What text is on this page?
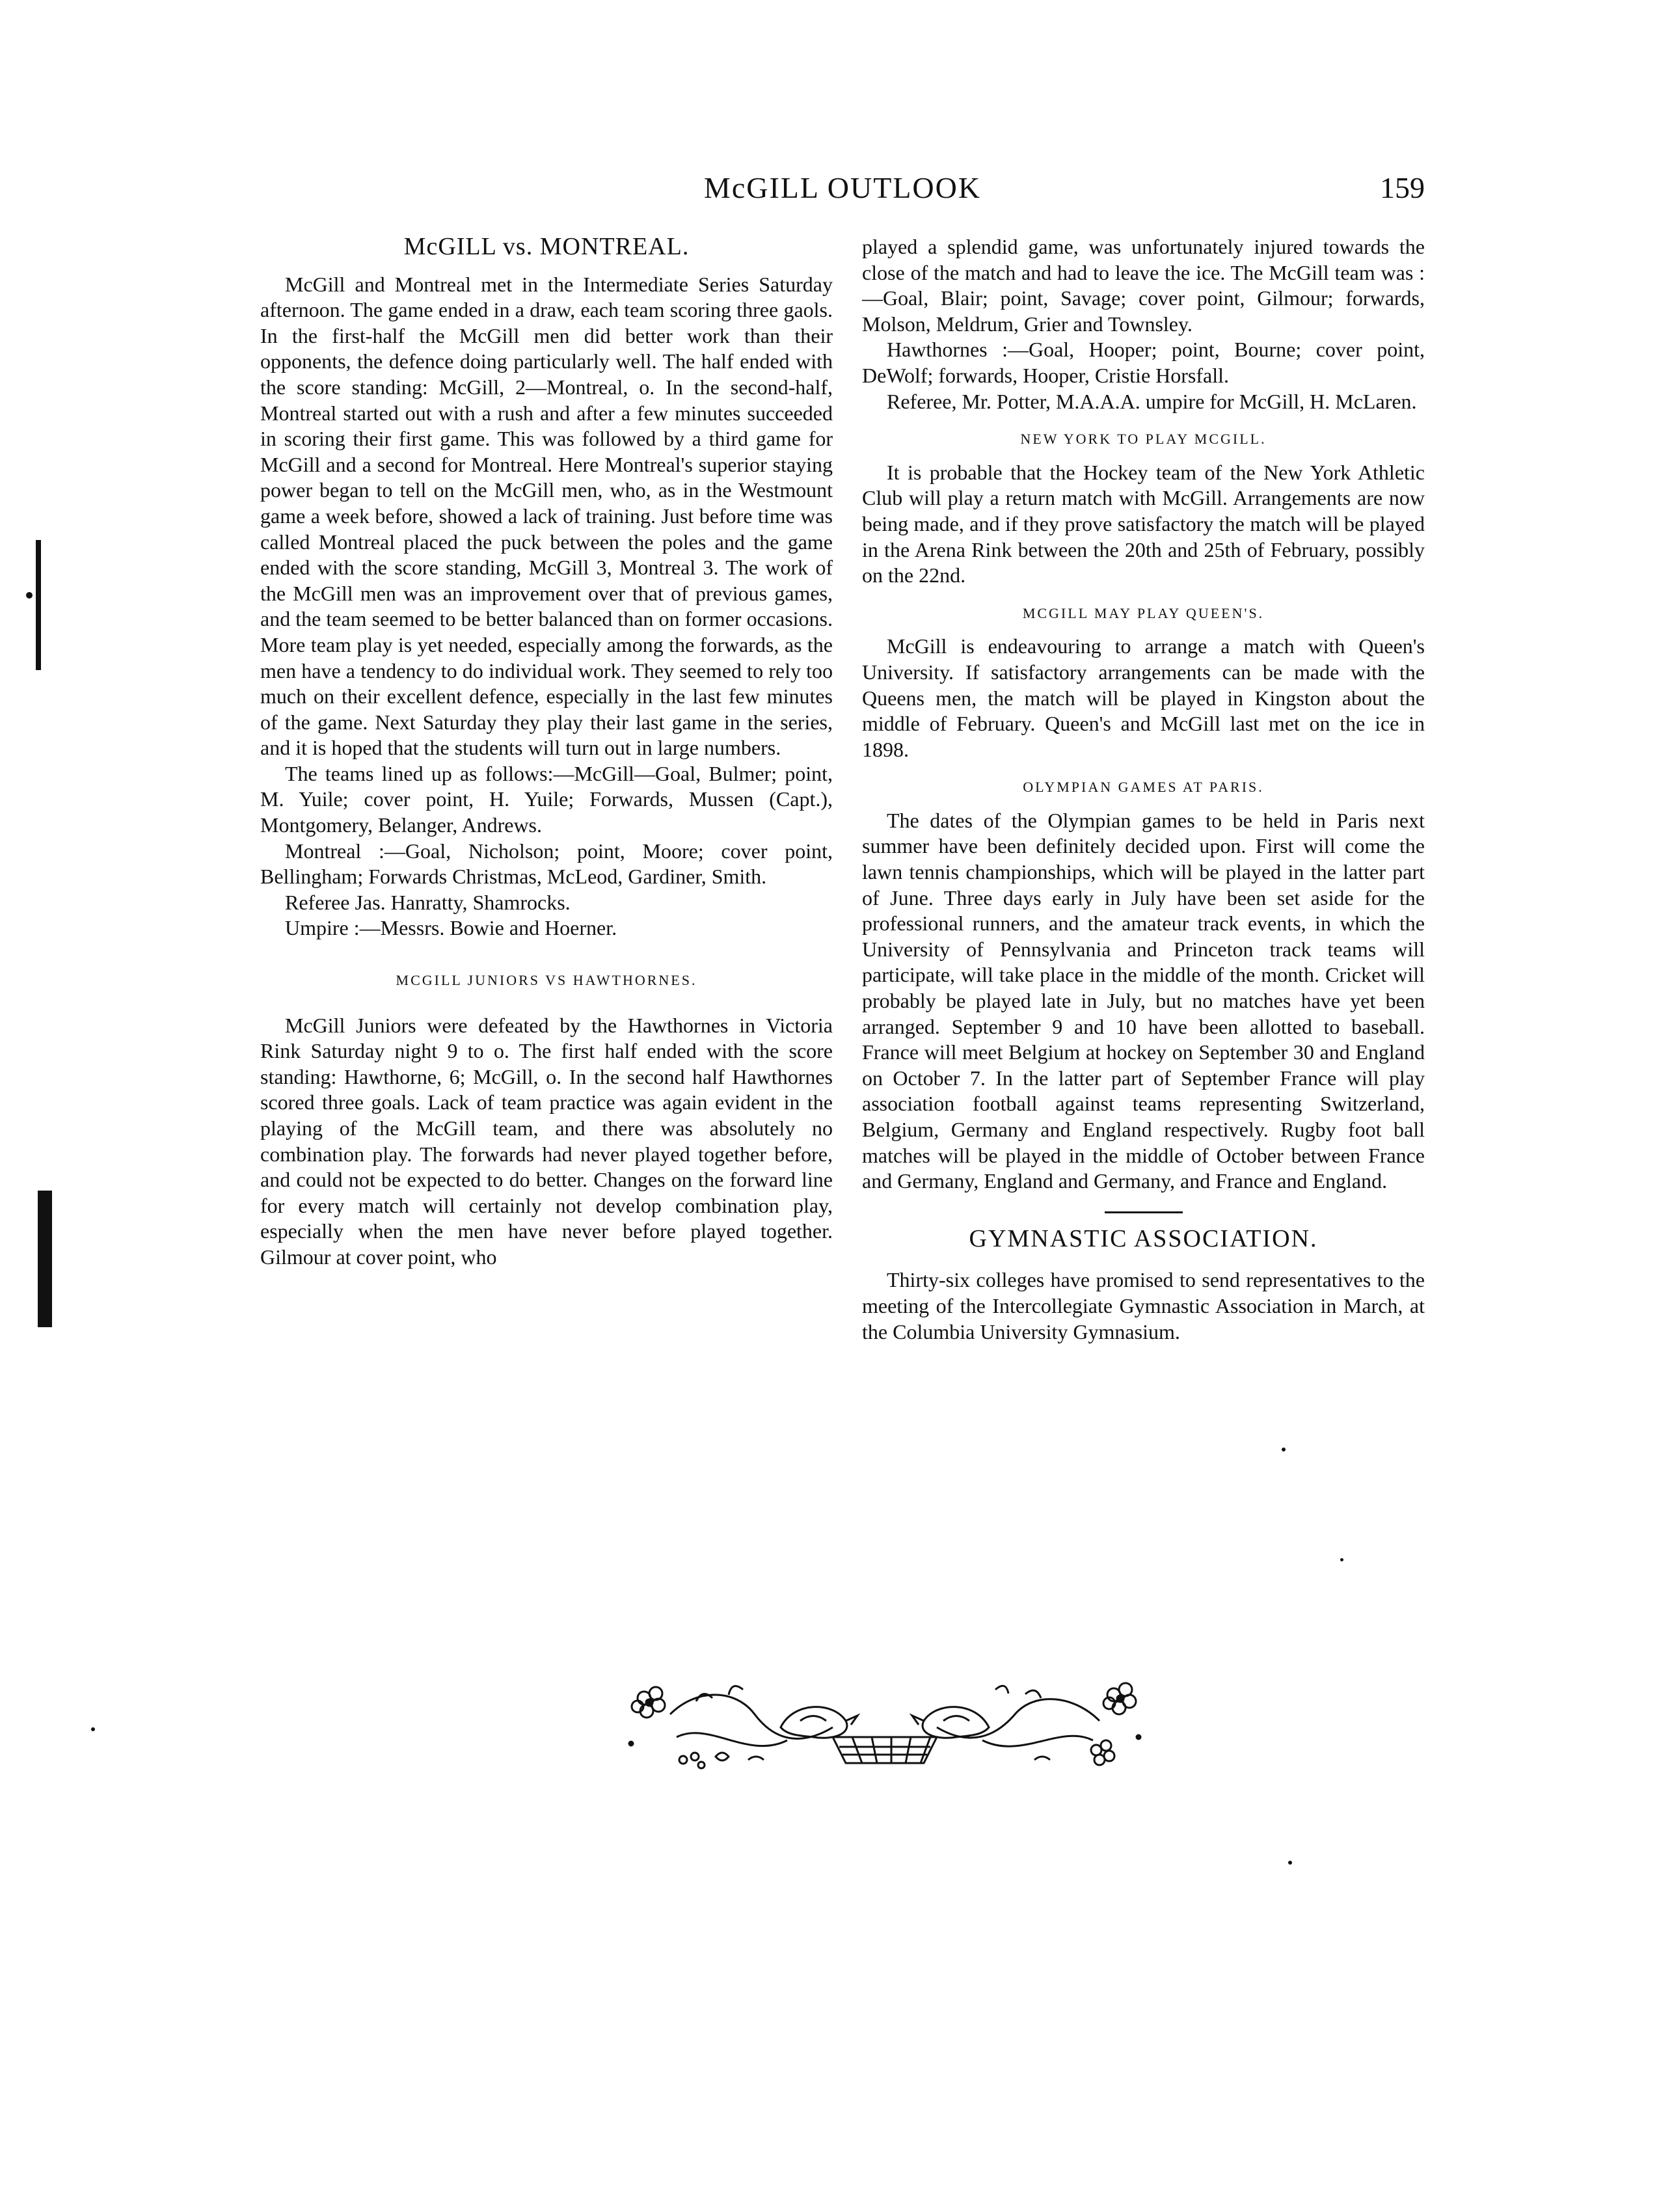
McGILL OUTLOOK	159
McGILL vs. MONTREAL.

McGill and Montreal met in the Intermediate Series Saturday afternoon. The game ended in a draw, each team scoring three gaols. In the first-half the McGill men did better work than their opponents, the defence doing particularly well. The half ended with the score standing: McGill, 2—Montreal, o. In the second-half, Montreal started out with a rush and after a few minutes succeeded in scoring their first game. This was followed by a third game for McGill and a second for Montreal. Here Montreal's superior staying power began to tell on the McGill men, who, as in the Westmount game a week before, showed a lack of training. Just before time was called Montreal placed the puck between the poles and the game ended with the score standing, McGill 3, Montreal 3. The work of the McGill men was an improvement over that of previous games, and the team seemed to be better balanced than on former occasions. More team play is yet needed, especially among the forwards, as the men have a tendency to do individual work. They seemed to rely too much on their excellent defence, especially in the last few minutes of the game. Next Saturday they play their last game in the series, and it is hoped that the students will turn out in large numbers.

The teams lined up as follows:—McGill—Goal, Bulmer; point, M. Yuile; cover point, H. Yuile; Forwards, Mussen (Capt.), Montgomery, Belanger, Andrews.

Montreal :—Goal, Nicholson; point, Moore; cover point, Bellingham; Forwards Christmas, McLeod, Gardiner, Smith.

Referee Jas. Hanratty, Shamrocks.

Umpire :—Messrs. Bowie and Hoerner.

MCGILL JUNIORS VS HAWTHORNES.

McGill Juniors were defeated by the Hawthornes in Victoria Rink Saturday night 9 to o. The first half ended with the score standing: Hawthorne, 6; McGill, o. In the second half Hawthornes scored three goals. Lack of team practice was again evident in the playing of the McGill team, and there was absolutely no combination play. The forwards had never played together before, and could not be expected to do better. Changes on the forward line for every match will certainly not develop combination play, especially when the men have never before played together. Gilmour at cover point, who

played a splendid game, was unfortunately injured towards the close of the match and had to leave the ice. The McGill team was :—Goal, Blair; point, Savage; cover point, Gilmour; forwards, Molson, Meldrum, Grier and Townsley.

Hawthornes :—Goal, Hooper; point, Bourne; cover point, DeWolf; forwards, Hooper, Cristie Horsfall.

Referee, Mr. Potter, M.A.A.A. umpire for McGill, H. McLaren.

NEW YORK TO PLAY MCGILL.

It is probable that the Hockey team of the New York Athletic Club will play a return match with McGill. Arrangements are now being made, and if they prove satisfactory the match will be played in the Arena Rink between the 20th and 25th of February, possibly on the 22nd.

MCGILL MAY PLAY QUEEN'S.

McGill is endeavouring to arrange a match with Queen's University. If satisfactory arrangements can be made with the Queens men, the match will be played in Kingston about the middle of February. Queen's and McGill last met on the ice in 1898.

OLYMPIAN GAMES AT PARIS.

The dates of the Olympian games to be held in Paris next summer have been definitely decided upon. First will come the lawn tennis championships, which will be played in the latter part of June. Three days early in July have been set aside for the professional runners, and the amateur track events, in which the University of Pennsylvania and Princeton track teams will participate, will take place in the middle of the month. Cricket will probably be played late in July, but no matches have yet been arranged. September 9 and 10 have been allotted to baseball. France will meet Belgium at hockey on September 30 and England on October 7. In the latter part of September France will play association football against teams representing Switzerland, Belgium, Germany and England respectively. Rugby foot ball matches will be played in the middle of October between France and Germany, England and Germany, and France and England.

GYMNASTIC ASSOCIATION.

Thirty-six colleges have promised to send representatives to the meeting of the Intercollegiate Gymnastic Association in March, at the Columbia University Gymnasium.
